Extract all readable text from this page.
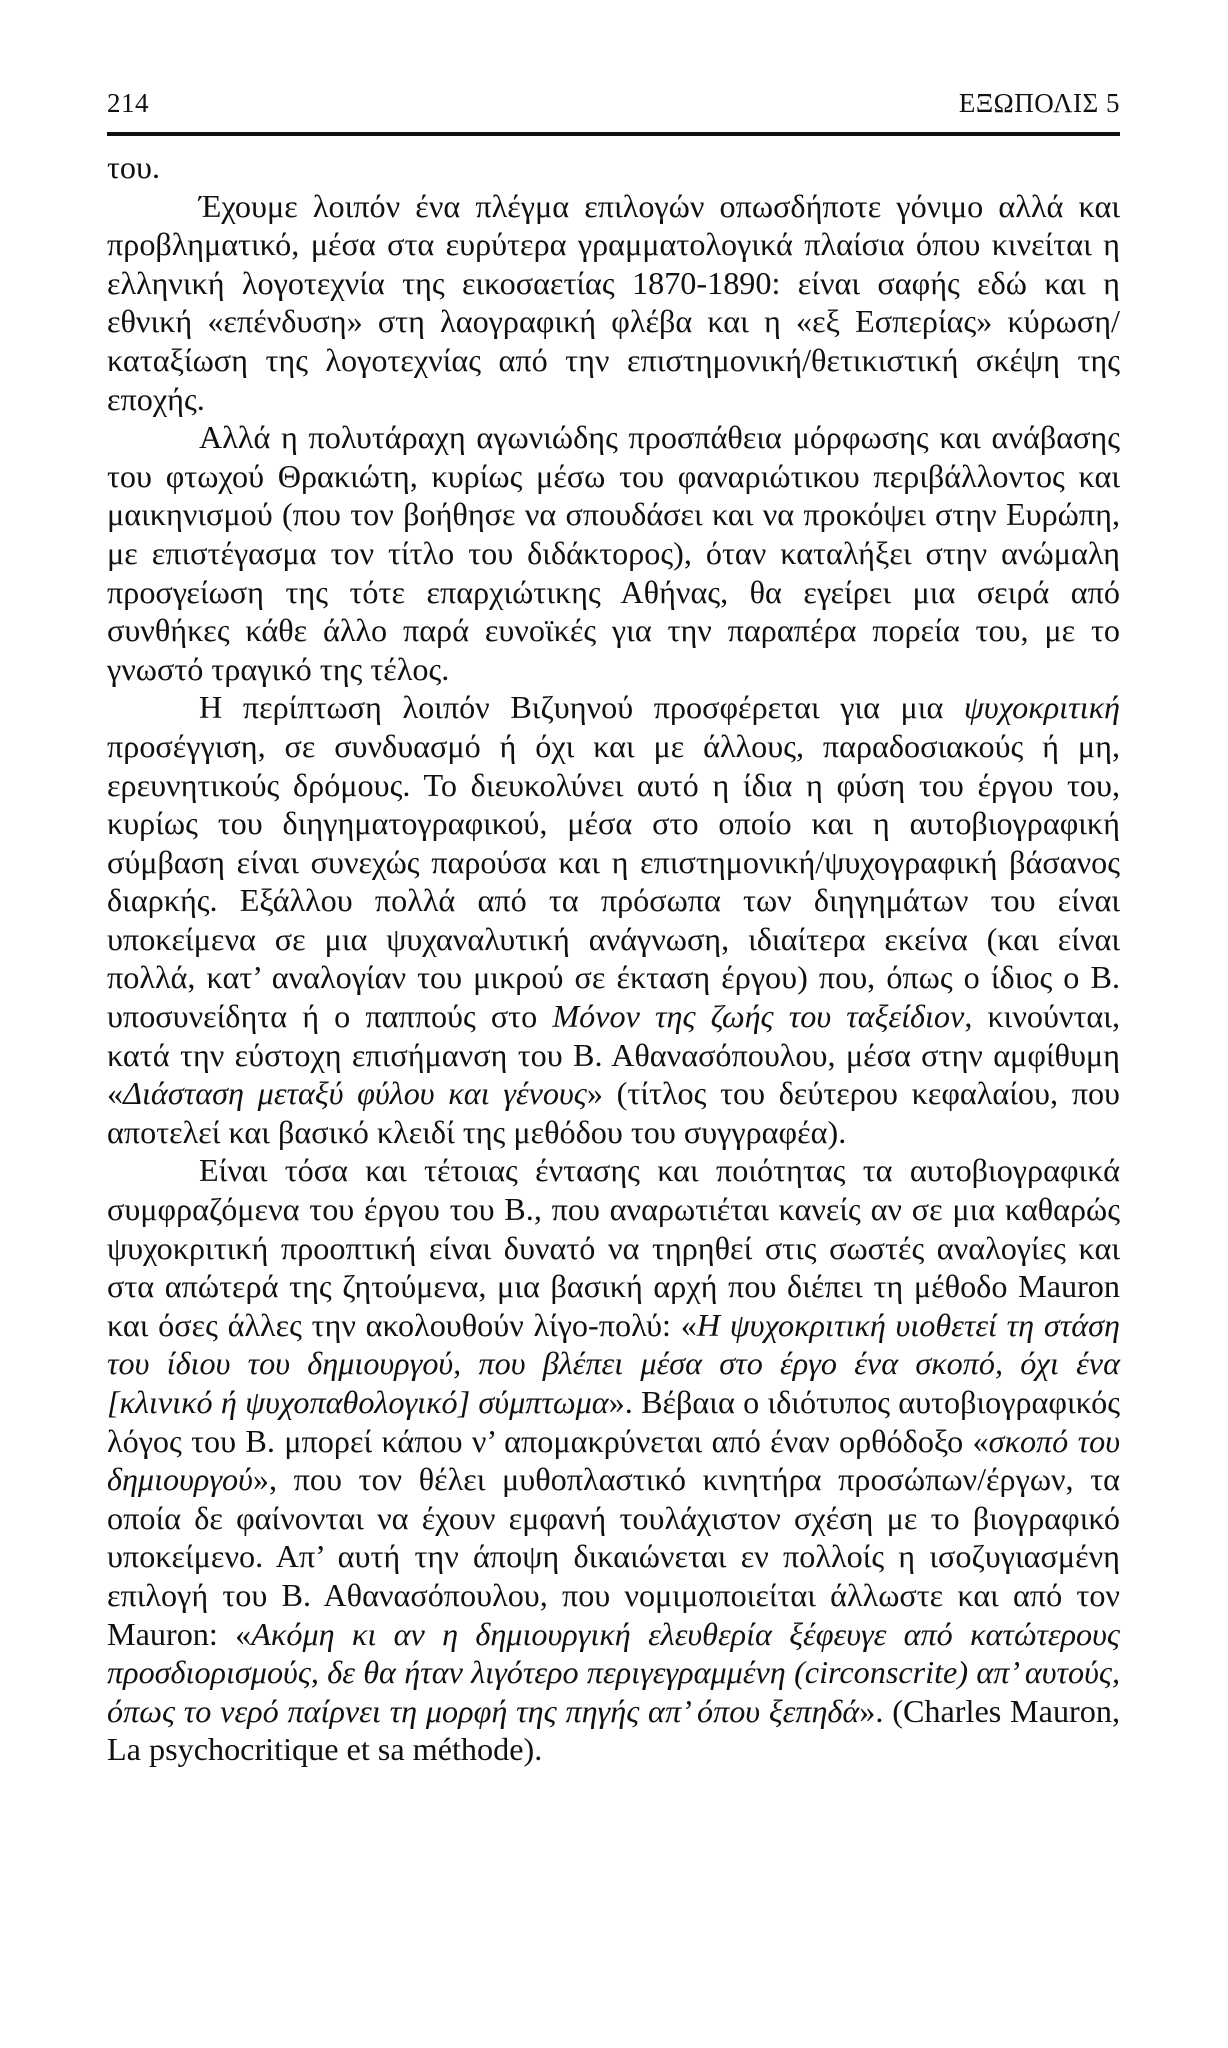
214	ΕΞΩΠΟΛΙΣ 5

του.

Έχουμε λοιπόν ένα πλέγμα επιλογών οπωσδήποτε γόνιμο αλλά και προβληματικό, μέσα στα ευρύτερα γραμματολογικά πλαίσια όπου κινείται η ελληνική λογοτεχνία της εικοσαετίας 1870-1890: είναι σαφής εδώ και η εθνική «επένδυση» στη λαογραφική φλέβα και η «εξ Εσπερίας» κύρωση/καταξίωση της λογοτεχνίας από την επιστημονική/θετικιστική σκέψη της εποχής.

Αλλά η πολυτάραχη αγωνιώδης προσπάθεια μόρφωσης και ανάβασης του φτωχού Θρακιώτη, κυρίως μέσω του φαναριώτικου περιβάλλοντος και μαικηνισμού (που τον βοήθησε να σπουδάσει και να προκόψει στην Ευρώπη, με επιστέγασμα τον τίτλο του διδάκτορος), όταν καταλήξει στην ανώμαλη προσγείωση της τότε επαρχιώτικης Αθήνας, θα εγείρει μια σειρά από συνθήκες κάθε άλλο παρά ευνοϊκές για την παραπέρα πορεία του, με το γνωστό τραγικό της τέλος.

Η περίπτωση λοιπόν Βιζυηνού προσφέρεται για μια ψυχοκριτική προσέγγιση, σε συνδυασμό ή όχι και με άλλους, παραδοσιακούς ή μη, ερευνητικούς δρόμους. Το διευκολύνει αυτό η ίδια η φύση του έργου του, κυρίως του διηγηματογραφικού, μέσα στο οποίο και η αυτοβιογραφική σύμβαση είναι συνεχώς παρούσα και η επιστημονική/ψυχογραφική βάσανος διαρκής. Εξάλλου πολλά από τα πρόσωπα των διηγημάτων του είναι υποκείμενα σε μια ψυχαναλυτική ανάγνωση, ιδιαίτερα εκείνα (και είναι πολλά, κατ’ αναλογίαν του μικρού σε έκταση έργου) που, όπως ο ίδιος ο Β. υποσυνείδητα ή ο παππούς στο Μόνον της ζωής του ταξείδιον, κινούνται, κατά την εύστοχη επισήμανση του Β. Αθανασόπουλου, μέσα στην αμφίθυμη «Διάσταση μεταξύ φύλου και γένους» (τίτλος του δεύτερου κεφαλαίου, που αποτελεί και βασικό κλειδί της μεθόδου του συγγραφέα).

Είναι τόσα και τέτοιας έντασης και ποιότητας τα αυτοβιογραφικά συμφραζόμενα του έργου του Β., που αναρωτιέται κανείς αν σε μια καθαρώς ψυχοκριτική προοπτική είναι δυνατό να τηρηθεί στις σωστές αναλογίες και στα απώτερά της ζητούμενα, μια βασική αρχή που διέπει τη μέθοδο Mauron και όσες άλλες την ακολουθούν λίγο-πολύ: «Η ψυχοκριτική υιοθετεί τη στάση του ίδιου του δημιουργού, που βλέπει μέσα στο έργο ένα σκοπό, όχι ένα [κλινικό ή ψυχοπαθολογικό] σύμπτωμα». Βέβαια ο ιδιότυπος αυτοβιογραφικός λόγος του Β. μπορεί κάπου ν’ απομακρύνεται από έναν ορθόδοξο «σκοπό του δημιουργού», που τον θέλει μυθοπλαστικό κινητήρα προσώπων/έργων, τα οποία δε φαίνονται να έχουν εμφανή τουλάχιστον σχέση με το βιογραφικό υποκείμενο. Απ’ αυτή την άποψη δικαιώνεται εν πολλοίς η ισοζυγιασμένη επιλογή του Β. Αθανασόπουλου, που νομιμοποιείται άλλωστε και από τον Mauron: «Ακόμη κι αν η δημιουργική ελευθερία ξέφευγε από κατώτερους προσδιορισμούς, δε θα ήταν λιγότερο περιγεγραμμένη (circonscrite) απ’ αυτούς, όπως το νερό παίρνει τη μορφή της πηγής απ’ όπου ξεπηδά». (Charles Mauron, La psychocritique et sa méthode).
